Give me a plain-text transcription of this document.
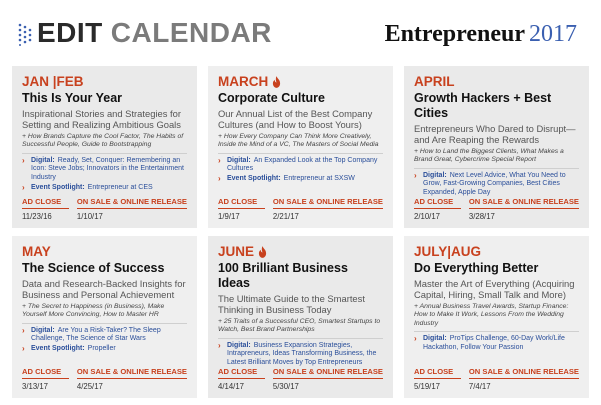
EDIT CALENDAR	Entrepreneur 2017
JAN |FEB
This Is Your Year
Inspirational Stories and Strategies for Setting and Realizing Ambitious Goals
+ How Brands Capture the Cool Factor, The Habits of Successful People, Guide to Bootstrapping
› Digital: Ready, Set, Conquer: Remembering an Icon: Steve Jobs; Innovators in the Entertainment Industry
› Event Spotlight: Entrepreneur at CES
AD CLOSE
11/23/16
ON SALE & ONLINE RELEASE
1/10/17
MARCH
Corporate Culture
Our Annual List of the Best Company Cultures (and How to Boost Yours)
+ How Every Company Can Think More Creatively, Inside the Mind of a VC, The Masters of Social Media
› Digital: An Expanded Look at the Top Company Cultures
› Event Spotlight: Entrepreneur at SXSW
AD CLOSE
1/9/17
ON SALE & ONLINE RELEASE
2/21/17
APRIL
Growth Hackers + Best Cities
Entrepreneurs Who Dared to Disrupt—and Are Reaping the Rewards
+ How to Land the Biggest Clients, What Makes a Brand Great, Cybercrime Special Report
› Digital: Next Level Advice, What You Need to Grow, Fast-Growing Companies, Best Cities Expanded, Apple Day
AD CLOSE
2/10/17
ON SALE & ONLINE RELEASE
3/28/17
MAY
The Science of Success
Data and Research-Backed Insights for Business and Personal Achievement
+ The Secret to Happiness (in Business), Make Yourself More Convincing, How to Master HR
› Digital: Are You a Risk-Taker? The Sleep Challenge, The Science of Star Wars
› Event Spotlight: Propeller
AD CLOSE
3/13/17
ON SALE & ONLINE RELEASE
4/25/17
JUNE
100 Brilliant Business Ideas
The Ultimate Guide to the Smartest Thinking in Business Today
+ 25 Traits of a Successful CEO, Smartest Startups to Watch, Best Brand Partnerships
› Digital: Business Expansion Strategies, Intrapreneurs, Ideas Transforming Business, the Latest Brilliant Moves by Top Entrepreneurs
AD CLOSE
4/14/17
ON SALE & ONLINE RELEASE
5/30/17
JULY|AUG
Do Everything Better
Master the Art of Everything (Acquiring Capital, Hiring, Small Talk and More)
+ Annual Business Travel Awards, Startup Finance: How to Make It Work, Lessons From the Wedding Industry
› Digital: ProTips Challenge, 60-Day Work/Life Hackathon, Follow Your Passion
AD CLOSE
5/19/17
ON SALE & ONLINE RELEASE
7/4/17
